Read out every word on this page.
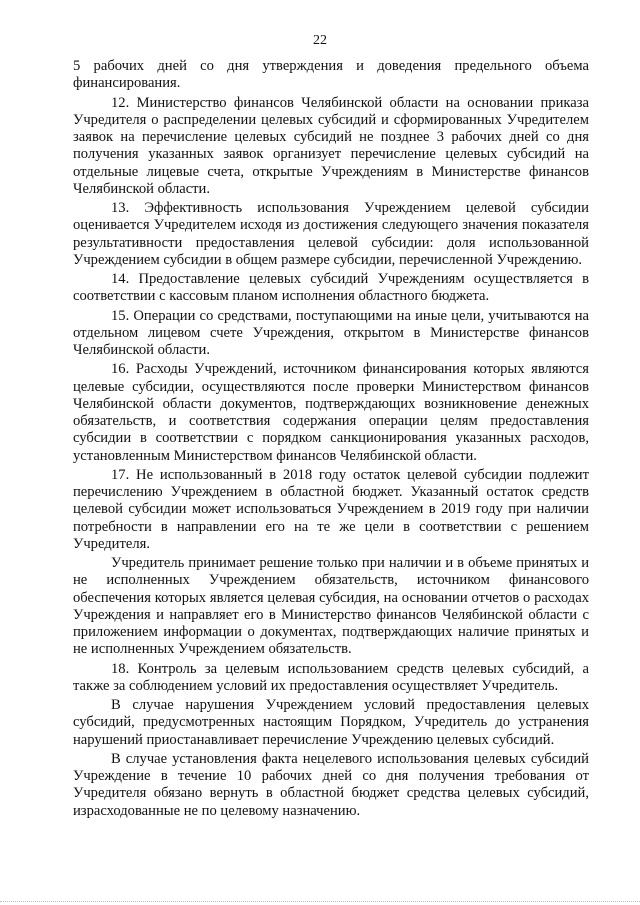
22

5 рабочих дней со дня утверждения и доведения предельного объема финансирования.

12. Министерство финансов Челябинской области на основании приказа Учредителя о распределении целевых субсидий и сформированных Учредителем заявок на перечисление целевых субсидий не позднее 3 рабочих дней со дня получения указанных заявок организует перечисление целевых субсидий на отдельные лицевые счета, открытые Учреждениям в Министерстве финансов Челябинской области.

13. Эффективность использования Учреждением целевой субсидии оценивается Учредителем исходя из достижения следующего значения показателя результативности предоставления целевой субсидии: доля использованной Учреждением субсидии в общем размере субсидии, перечисленной Учреждению.

14. Предоставление целевых субсидий Учреждениям осуществляется в соответствии с кассовым планом исполнения областного бюджета.

15. Операции со средствами, поступающими на иные цели, учитываются на отдельном лицевом счете Учреждения, открытом в Министерстве финансов Челябинской области.

16. Расходы Учреждений, источником финансирования которых являются целевые субсидии, осуществляются после проверки Министерством финансов Челябинской области документов, подтверждающих возникновение денежных обязательств, и соответствия содержания операции целям предоставления субсидии в соответствии с порядком санкционирования указанных расходов, установленным Министерством финансов Челябинской области.

17. Не использованный в 2018 году остаток целевой субсидии подлежит перечислению Учреждением в областной бюджет. Указанный остаток средств целевой субсидии может использоваться Учреждением в 2019 году при наличии потребности в направлении его на те же цели в соответствии с решением Учредителя.

Учредитель принимает решение только при наличии и в объеме принятых и не исполненных Учреждением обязательств, источником финансового обеспечения которых является целевая субсидия, на основании отчетов о расходах Учреждения и направляет его в Министерство финансов Челябинской области с приложением информации о документах, подтверждающих наличие принятых и не исполненных Учреждением обязательств.

18. Контроль за целевым использованием средств целевых субсидий, а также за соблюдением условий их предоставления осуществляет Учредитель.

В случае нарушения Учреждением условий предоставления целевых субсидий, предусмотренных настоящим Порядком, Учредитель до устранения нарушений приостанавливает перечисление Учреждению целевых субсидий.

В случае установления факта нецелевого использования целевых субсидий Учреждение в течение 10 рабочих дней со дня получения требования от Учредителя обязано вернуть в областной бюджет средства целевых субсидий, израсходованные не по целевому назначению.
